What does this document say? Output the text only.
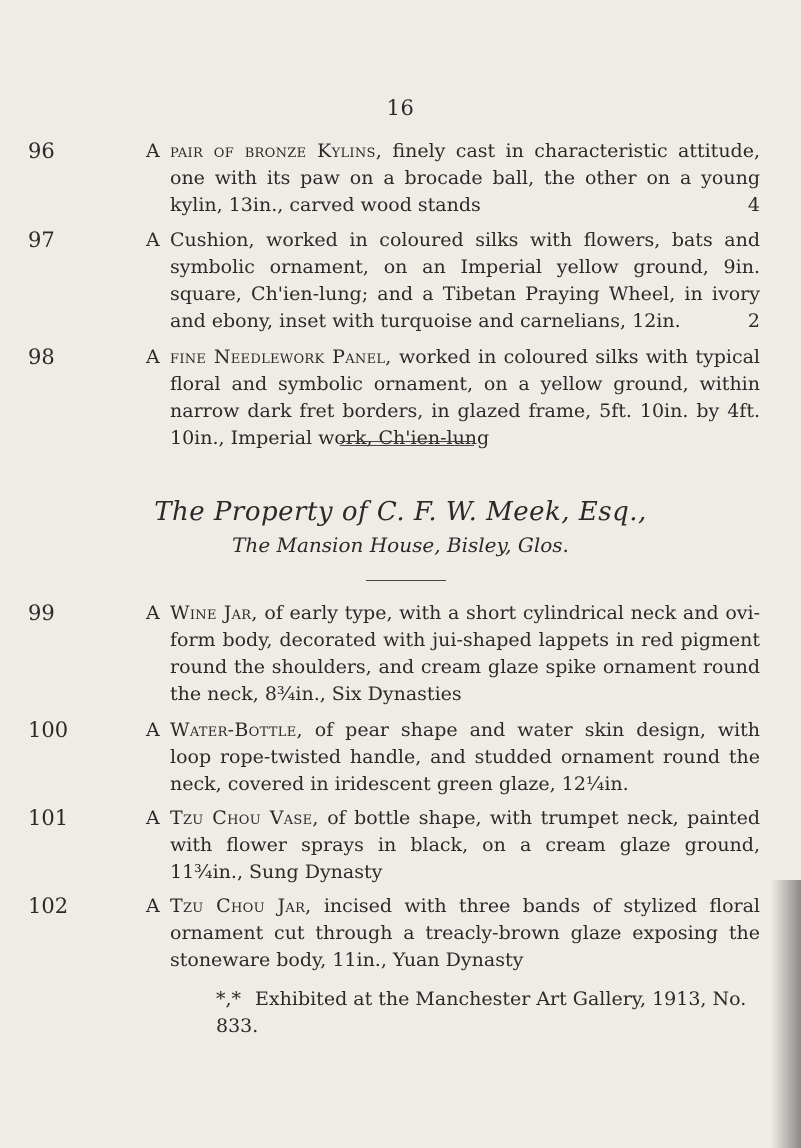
16
96	A pair of bronze Kylins, finely cast in characteristic attitude, one with its paw on a brocade ball, the other on a young kylin, 13in., carved wood stands	4
97	A Cushion, worked in coloured silks with flowers, bats and symbolic ornament, on an Imperial yellow ground, 9in. square, Ch'ien-lung; and a Tibetan Praying Wheel, in ivory and ebony, inset with turquoise and carnelians, 12in.	2
98	A fine Needlework Panel, worked in coloured silks with typical floral and symbolic ornament, on a yellow ground, within narrow dark fret borders, in glazed frame, 5ft. 10in. by 4ft. 10in., Imperial work, Ch'ien-lung
The Property of C. F. W. Meek, Esq.,
The Mansion House, Bisley, Glos.
99	A Wine Jar, of early type, with a short cylindrical neck and ovi-form body, decorated with jui-shaped lappets in red pigment round the shoulders, and cream glaze spike ornament round the neck, 8¾in., Six Dynasties
100	A Water-Bottle, of pear shape and water skin design, with loop rope-twisted handle, and studded ornament round the neck, covered in iridescent green glaze, 12¼in.
101	A Tzu Chou Vase, of bottle shape, with trumpet neck, painted with flower sprays in black, on a cream glaze ground, 11¾in., Sung Dynasty
102	A Tzu Chou Jar, incised with three bands of stylized floral ornament cut through a treacly-brown glaze exposing the stoneware body, 11in., Yuan Dynasty
*,* Exhibited at the Manchester Art Gallery, 1913, No. 833.
